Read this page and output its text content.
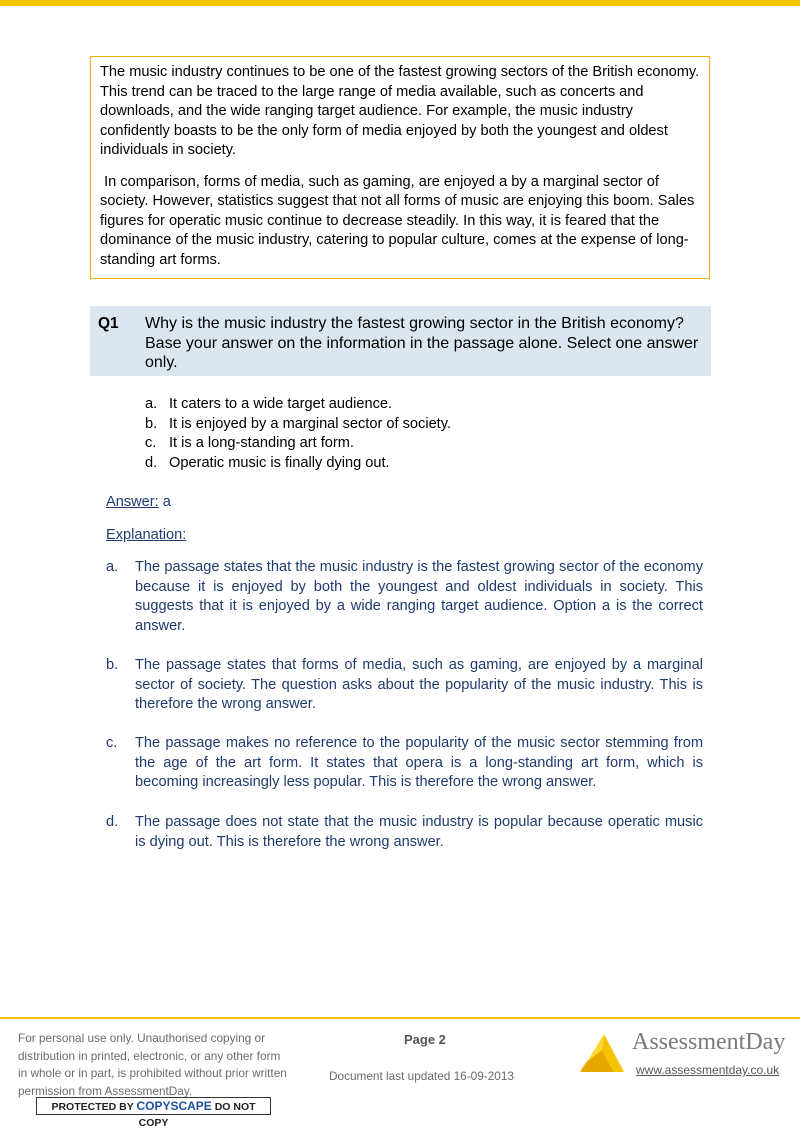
The music industry continues to be one of the fastest growing sectors of the British economy. This trend can be traced to the large range of media available, such as concerts and downloads, and the wide ranging target audience. For example, the music industry confidently boasts to be the only form of media enjoyed by both the youngest and oldest individuals in society.

In comparison, forms of media, such as gaming, are enjoyed a by a marginal sector of society. However, statistics suggest that not all forms of music are enjoying this boom. Sales figures for operatic music continue to decrease steadily. In this way, it is feared that the dominance of the music industry, catering to popular culture, comes at the expense of long-standing art forms.

Q1 Why is the music industry the fastest growing sector in the British economy? Base your answer on the information in the passage alone. Select one answer only.
a. It caters to a wide target audience.
b. It is enjoyed by a marginal sector of society.
c. It is a long-standing art form.
d. Operatic music is finally dying out.
Answer: a
Explanation:
a.	The passage states that the music industry is the fastest growing sector of the economy because it is enjoyed by both the youngest and oldest individuals in society. This suggests that it is enjoyed by a wide ranging target audience. Option a is the correct answer.
b.	The passage states that forms of media, such as gaming, are enjoyed by a marginal sector of society. The question asks about the popularity of the music industry. This is therefore the wrong answer.
c.	The passage makes no reference to the popularity of the music sector stemming from the age of the art form. It states that opera is a long-standing art form, which is becoming increasingly less popular. This is therefore the wrong answer.
d.	The passage does not state that the music industry is popular because operatic music is dying out. This is therefore the wrong answer.
For personal use only. Unauthorised copying or distribution in printed, electronic, or any other form in whole or in part, is prohibited without prior written permission from AssessmentDay.
PROTECTED BY COPYSCAPE DO NOT COPY
Page 2
Document last updated 16-09-2013
AssessmentDay
www.assessmentday.co.uk
